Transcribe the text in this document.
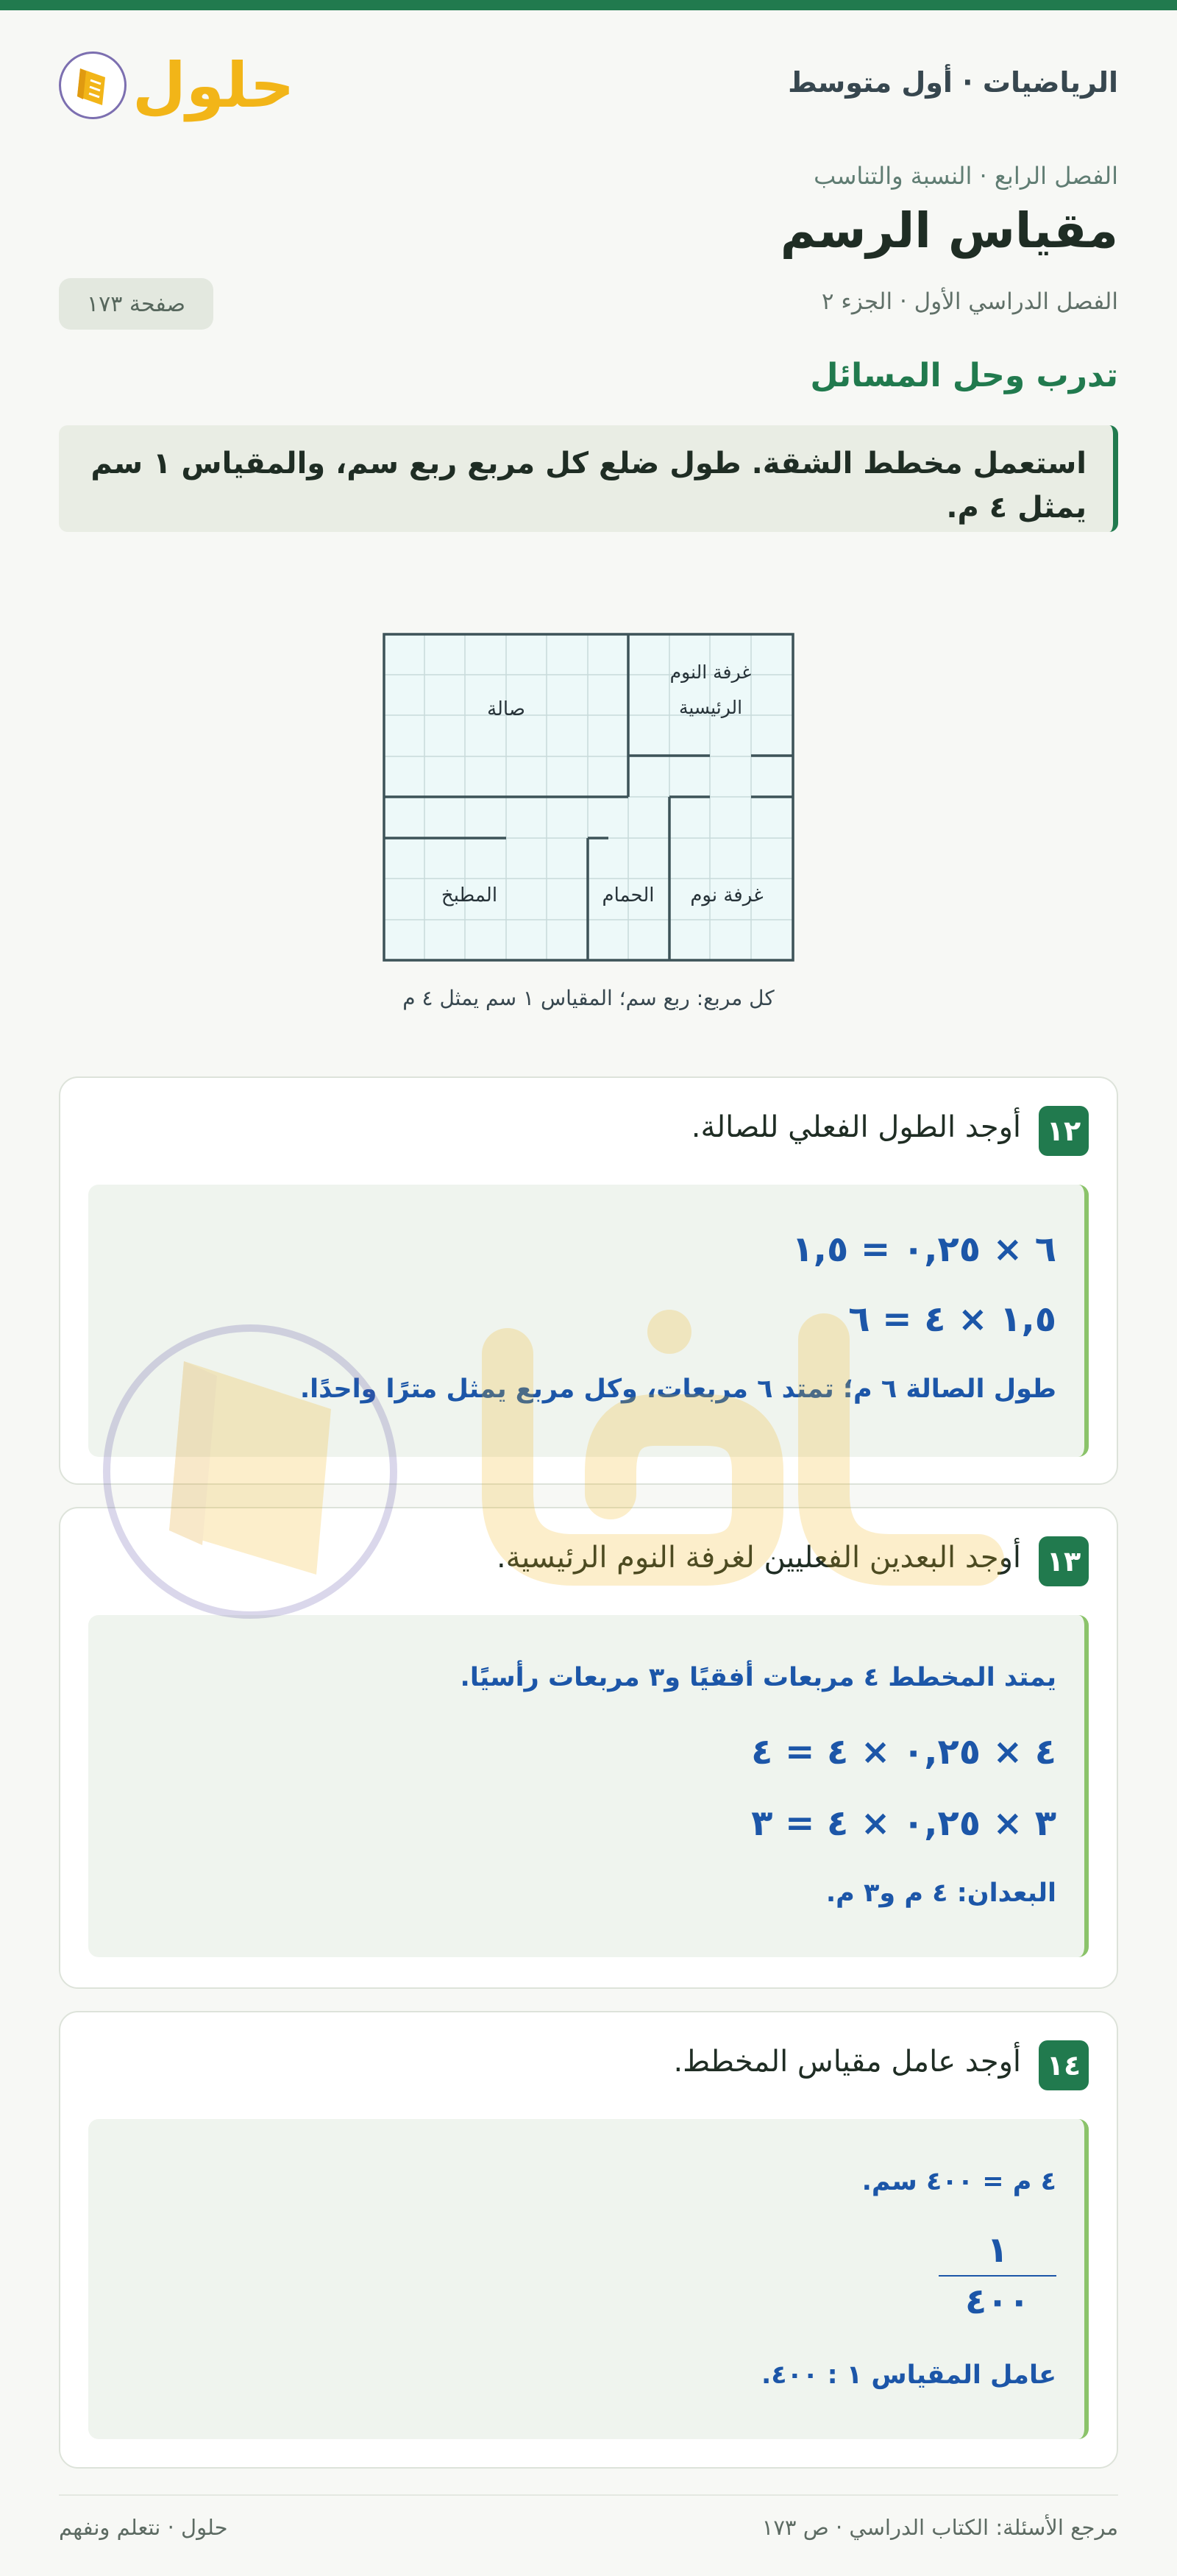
حلول	الرياضيات · أول متوسط
الفصل الرابع · النسبة والتناسب
مقياس الرسم
الفصل الدراسي الأول · الجزء ٢
صفحة ١٧٣
تدرب وحل المسائل

استعمل مخطط الشقة. طول ضلع كل مربع ربع سم، والمقياس ١ سم

يمثل ٤ م.

صالة
غرفة النوم
الرئيسية
المطبخ	الحمام غرفة نوم
كل مربع: ربع سم؛ المقياس ١ سم يمثل ٤ م
١٢
أوجد الطول الفعلي للصالة.
٦ × ٠,٢٥ = ١,٥
١,٥ × ٤ = ٦
طول الصالة ٦ م؛ تمتد ٦ مربعات، وكل مربع يمثل مترًا واحدًا.
١٣
أوجد البعدين الفعليين لغرفة النوم الرئيسية.
يمتد المخطط ٤ مربعات أفقيًا و٣ مربعات رأسيًا.
٤ × ٠,٢٥ × ٤ = ٤
٣ × ٠,٢٥ × ٤ = ٣
البعدان: ٤ م و٣ م.
١٤
أوجد عامل مقياس المخطط.
٤ م = ٤٠٠ سم.
١
٤٠٠
عامل المقياس ١ : ٤٠٠.
مرجع الأسئلة: الكتاب الدراسي · ص ١٧٣
حلول · نتعلم ونفهم
